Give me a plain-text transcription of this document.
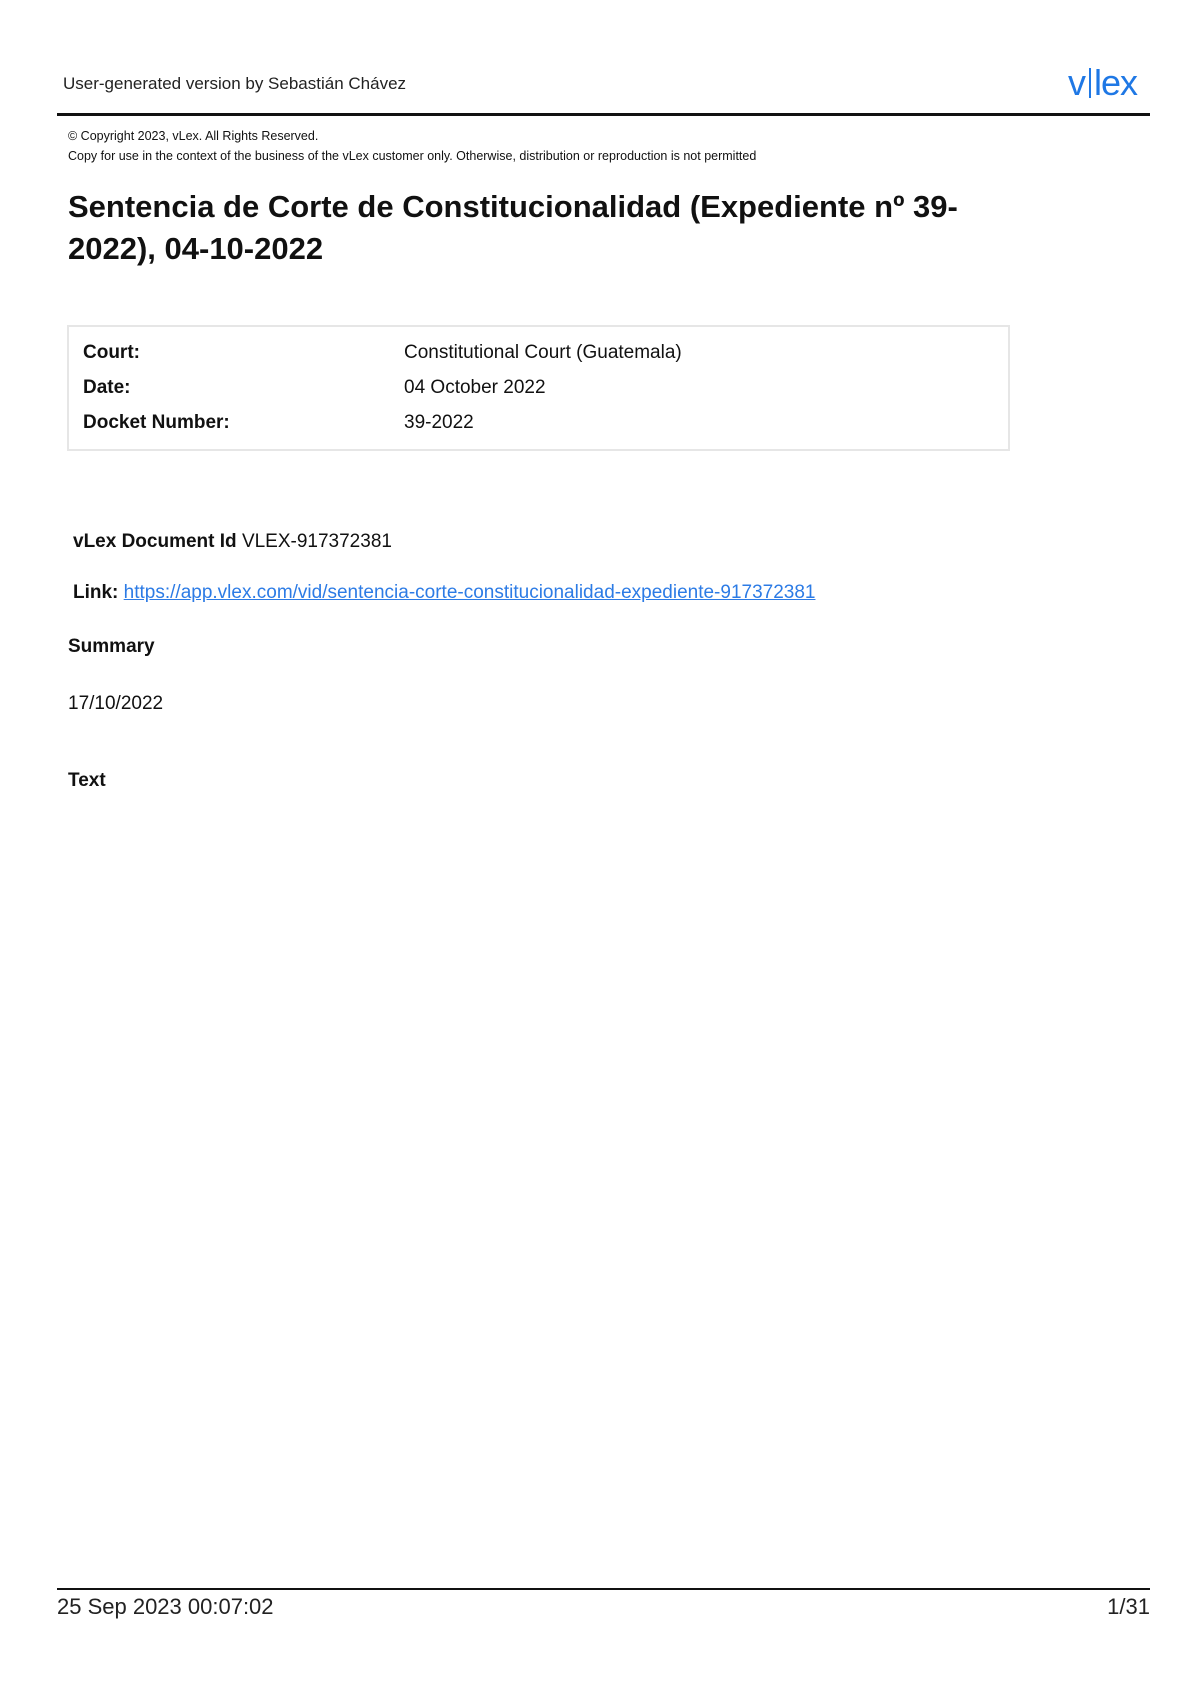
User-generated version by Sebastián Chávez	v lex
© Copyright 2023, vLex. All Rights Reserved.
Copy for use in the context of the business of the vLex customer only. Otherwise, distribution or reproduction is not permitted
Sentencia de Corte de Constitucionalidad (Expediente nº 39-2022), 04-10-2022
Court:	Constitutional Court (Guatemala)
Date:	04 October 2022
Docket Number:	39-2022
vLex Document Id VLEX-917372381
Link: https://app.vlex.com/vid/sentencia-corte-constitucionalidad-expediente-917372381
Summary
17/10/2022
Text
25 Sep 2023 00:07:02	1/31
